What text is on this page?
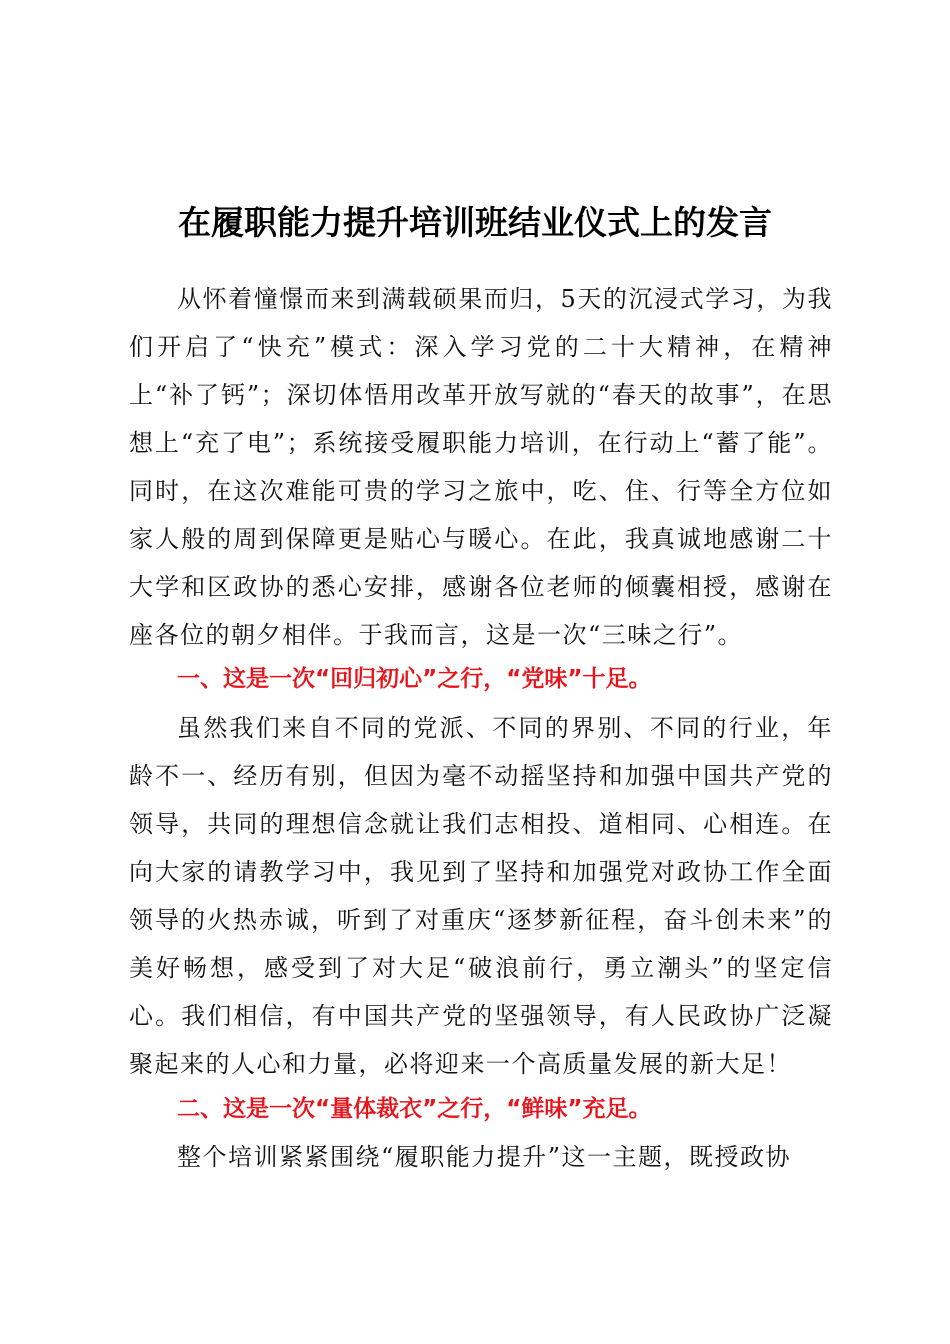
在履职能力提升培训班结业仪式上的发言

从怀着憧憬而来到满载硕果而归，5天的沉浸式学习，为我们开启了“快充”模式：深入学习党的二十大精神，在精神上“补了钙”；深切体悟用改革开放写就的“春天的故事”，在思想上“充了电”；系统接受履职能力培训，在行动上“蓄了能”。同时，在这次难能可贵的学习之旅中，吃、住、行等全方位如家人般的周到保障更是贴心与暖心。在此，我真诚地感谢二十大学和区政协的悉心安排，感谢各位老师的倾囊相授，感谢在座各位的朝夕相伴。于我而言，这是一次“三味之行”。

一、这是一次“回归初心”之行，“党味”十足。

虽然我们来自不同的党派、不同的界别、不同的行业，年龄不一、经历有别，但因为毫不动摇坚持和加强中国共产党的领导，共同的理想信念就让我们志相投、道相同、心相连。在向大家的请教学习中，我见到了坚持和加强党对政协工作全面领导的火热赤诚，听到了对重庆“逐梦新征程，奋斗创未来”的美好畅想，感受到了对大足“破浪前行，勇立潮头”的坚定信心。我们相信，有中国共产党的坚强领导，有人民政协广泛凝聚起来的人心和力量，必将迎来一个高质量发展的新大足！

二、这是一次“量体裁衣”之行，“鲜味”充足。

整个培训紧紧围绕“履职能力提升”这一主题，既授政协
